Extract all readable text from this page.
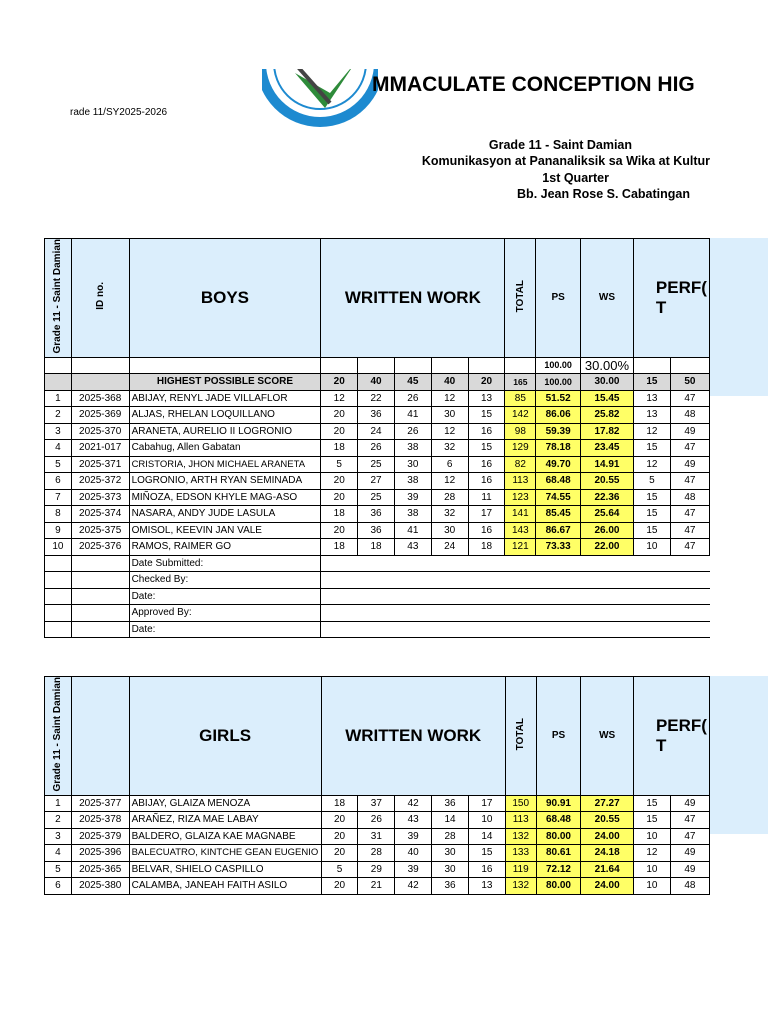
MMACULATE CONCEPTION HIG
rade 11/SY2025-2026
Grade 11 - Saint Damian
Komunikasyon at Pananaliksik sa Wika at Kultur
1st Quarter
Bb. Jean Rose S. Cabatingan
Grade 11 - Saint Damian	ID no.	BOYS	WRITTEN WORK					TOTAL	PS	WS	PERF(
T	
									100.00	30.00%		
		HIGHEST POSSIBLE SCORE	20	40	45	40	20	165	100.00	30.00	15	50
1	2025-368	ABIJAY, RENYL JADE VILLAFLOR	12	22	26	12	13	85	51.52	15.45	13	47
2	2025-369	ALJAS, RHELAN LOQUILLANO	20	36	41	30	15	142	86.06	25.82	13	48
3	2025-370	ARANETA, AURELIO II LOGRONIO	20	24	26	12	16	98	59.39	17.82	12	49
4	2021-017	Cabahug, Allen Gabatan	18	26	38	32	15	129	78.18	23.45	15	47
5	2025-371	CRISTORIA, JHON MICHAEL ARANETA	5	25	30	6	16	82	49.70	14.91	12	49
6	2025-372	LOGRONIO, ARTH RYAN SEMINADA	20	27	38	12	16	113	68.48	20.55	5	47
7	2025-373	MIÑOZA, EDSON KHYLE MAG-ASO	20	25	39	28	11	123	74.55	22.36	15	48
8	2025-374	NASARA, ANDY JUDE LASULA	18	36	38	32	17	141	85.45	25.64	15	47
9	2025-375	OMISOL, KEEVIN JAN VALE	20	36	41	30	16	143	86.67	26.00	15	47
10	2025-376	RAMOS, RAIMER GO	18	18	43	24	18	121	73.33	22.00	10	47
		Date Submitted:										
		Checked By:										
		Date:										
		Approved By:										
		Date:										
Grade 11 - Saint Damian		GIRLS	WRITTEN WORK					TOTAL	PS	WS	PERF(
T	
1	2025-377	ABIJAY, GLAIZA MENOZA	18	37	42	36	17	150	90.91	27.27	15	49
2	2025-378	ARAÑEZ, RIZA MAE LABAY	20	26	43	14	10	113	68.48	20.55	15	47
3	2025-379	BALDERO, GLAIZA KAE MAGNABE	20	31	39	28	14	132	80.00	24.00	10	47
4	2025-396	BALECUATRO, KINTCHE GEAN EUGENIO	20	28	40	30	15	133	80.61	24.18	12	49
5	2025-365	BELVAR, SHIELO CASPILLO	5	29	39	30	16	119	72.12	21.64	10	49
6	2025-380	CALAMBA, JANEAH FAITH ASILO	20	21	42	36	13	132	80.00	24.00	10	48
